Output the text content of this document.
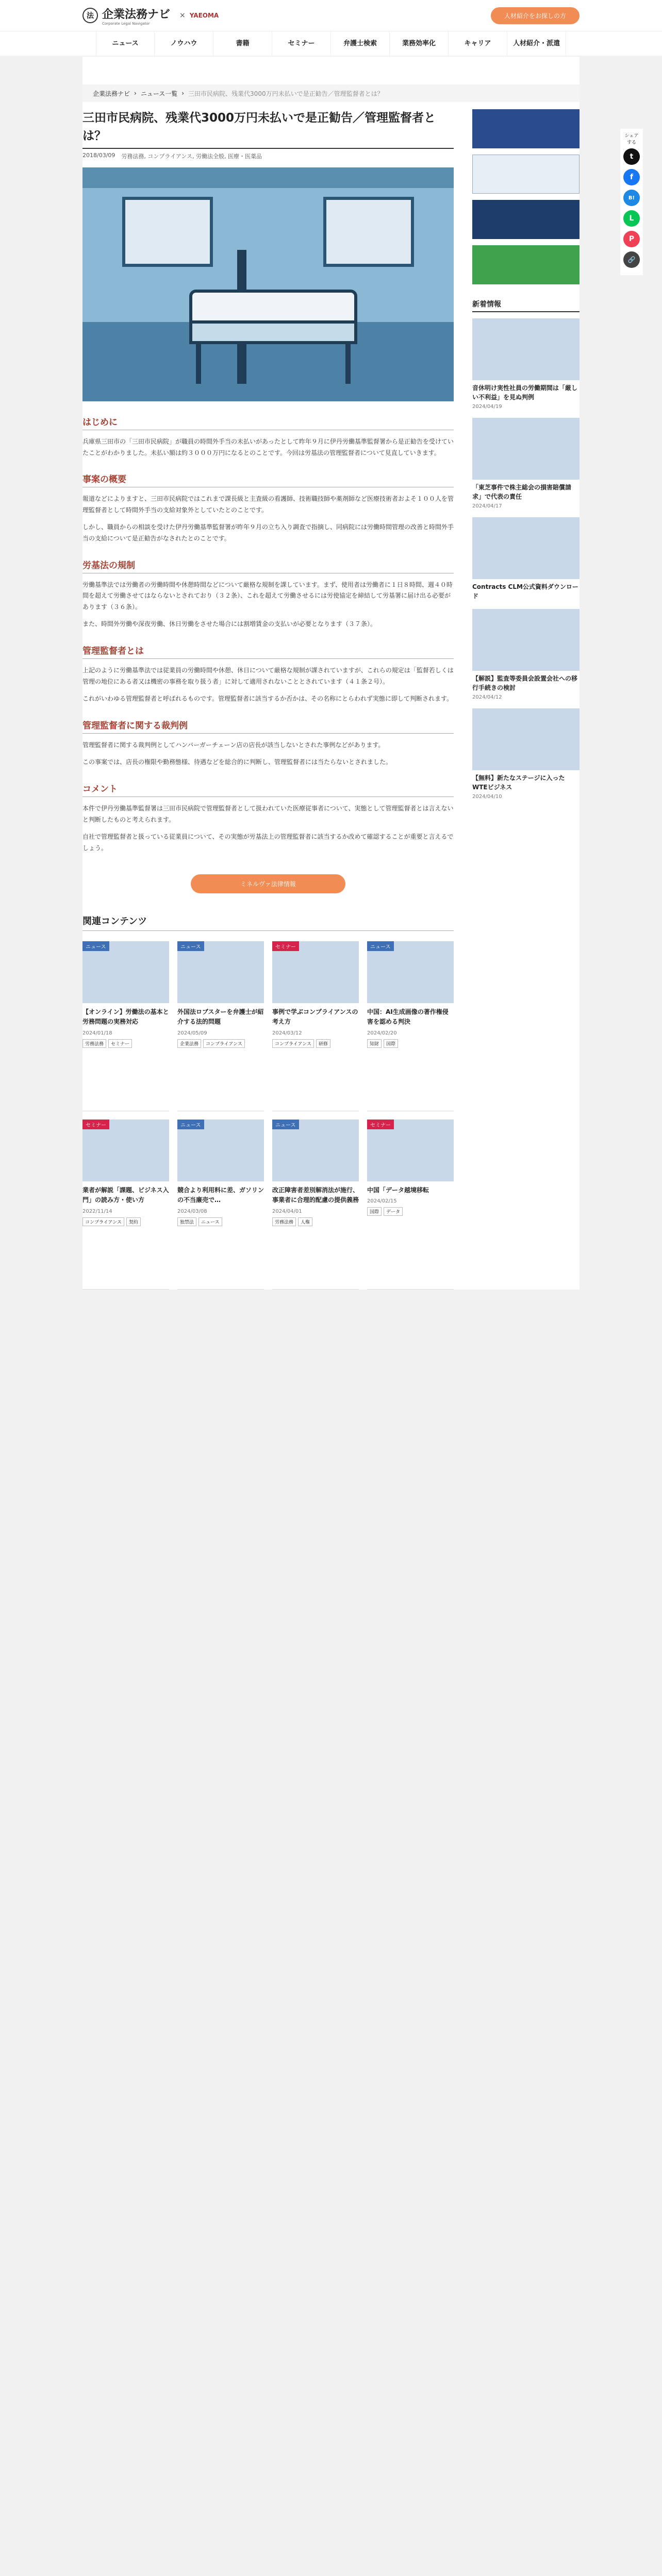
法 企業法務ナビ
Corporate Legal Navigator
× YAEOMA	人材紹介をお探しの方
ニュース	ノウハウ	書籍	セミナー	弁護士検索	業務効率化	キャリア	人材紹介・派遣
シェアする
t
f
B!
L
P
🔗
企業法務ナビ › ニュース一覧 › 三田市民病院、残業代3000万円未払いで是正勧告／管理監督者とは？
三田市民病院、残業代3000万円未払いで是正勧告／管理監督者とは？
2018/03/09 労務法務, コンプライアンス, 労働法全般, 医療・医薬品
はじめに

兵庫県三田市の「三田市民病院」が職員の時間外手当の未払いがあったとして昨年９月に伊丹労働基準監督署から是正勧告を受けていたことがわかりました。未払い額は約３０００万円になるとのことです。今回は労基法の管理監督者について見直していきます。

事案の概要

報道などによりますと、三田市民病院ではこれまで課長級と主査級の看護師、技術職技師や薬剤師など医療技術者およそ１００人を管理監督者として時間外手当の支給対象外としていたとのことです。

しかし、職員からの相談を受けた伊丹労働基準監督署が昨年９月の立ち入り調査で指摘し、同病院には労働時間管理の改善と時間外手当の支給について是正勧告がなされたとのことです。

労基法の規制

労働基準法では労働者の労働時間や休憩時間などについて厳格な規制を課しています。まず、使用者は労働者に１日８時間、週４０時間を超えて労働させてはならないとされており（３２条）、これを超えて労働させるには労使協定を締結して労基署に届け出る必要があります（３６条）。

また、時間外労働や深夜労働、休日労働をさせた場合には割増賃金の支払いが必要となります（３７条）。

管理監督者とは

上記のように労働基準法では従業員の労働時間や休憩、休日について厳格な規制が課されていますが、これらの規定は「監督若しくは管理の地位にある者又は機密の事務を取り扱う者」に対して適用されないこととされています（４１条２号）。

これがいわゆる管理監督者と呼ばれるものです。管理監督者に該当するか否かは、その名称にとらわれず実態に即して判断されます。

管理監督者に関する裁判例

管理監督者に関する裁判例としてハンバーガーチェーン店の店長が該当しないとされた事例などがあります。

この事案では、店長の権限や勤務態様、待遇などを総合的に判断し、管理監督者には当たらないとされました。

コメント

本件で伊丹労働基準監督署は三田市民病院で管理監督者として扱われていた医療従事者について、実態として管理監督者とは言えないと判断したものと考えられます。

自社で管理監督者と扱っている従業員について、その実態が労基法上の管理監督者に該当するか改めて確認することが重要と言えるでしょう。

ミネルヴァ法律情報
関連コンテンツ
ニュース
【オンライン】労働法の基本と労務問題の実務対応
2024/01/18
労務法務	セミナー
ニュース
外国法ロブスターを弁護士が紹介する法的問題
2024/05/09
企業法務	コンプライアンス
セミナー
事例で学ぶコンプライアンスの考え方
2024/03/12
コンプライアンス	研修
ニュース
中国：AI生成画像の著作権侵害を認める判決
2024/02/20
知財	国際
セミナー
業者が解説「課題、ビジネス入門」の読み方・使い方
2022/11/14
コンプライアンス	契約
ニュース
競合より利用料に差、ガソリンの不当廉売で…
2024/03/08
独禁法	ニュース
ニュース
改正障害者差別解消法が施行、事業者に合理的配慮の提供義務
2024/04/01
労務法務	人権
セミナー
中国「データ越境移転
2024/02/15
国際	データ
新着情報
音休明け実性社員の労働期間は「厳しい不利益」を見ぬ判例
2024/04/19
「東芝事件で株主総会の損害賠償請求」で代表の責任
2024/04/17
Contracts CLM公式資料ダウンロード
【解説】監査等委員会設置会社への移行手続きの検討
2024/04/12
【無料】新たなステージに入ったWTEビジネス
2024/04/10
